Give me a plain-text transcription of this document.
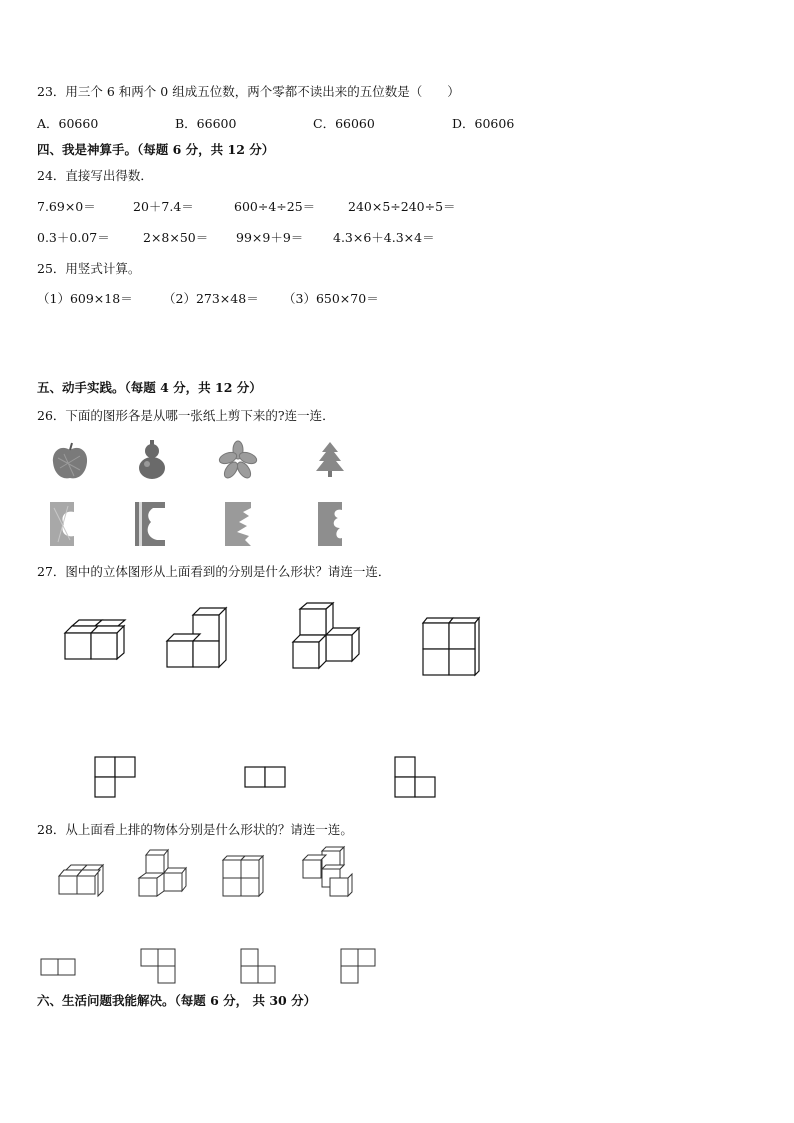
23．用三个 6 和两个 0 组成五位数，两个零都不读出来的五位数是（　　）
A．60660	B．66600	C．66060	D．60606
四、我是神算手。（每题 6 分，共 12 分）
24．直接写出得数．
7.69×0＝	20＋7.4＝	600÷4÷25＝	240×5÷240÷5＝
0.3＋0.07＝	2×8×50＝ 99×9＋9＝ 4.3×6＋4.3×4＝
25．用竖式计算。
（1）609×18＝ （2）273×48＝ （3）650×70＝
五、动手实践。（每题 4 分，共 12 分）
26．下面的图形各是从哪一张纸上剪下来的?连一连．
27．图中的立体图形从上面看到的分别是什么形状？请连一连．
28．从上面看上排的物体分别是什么形状的？请连一连。
六、生活问题我能解决。（每题 6 分， 共 30 分）
